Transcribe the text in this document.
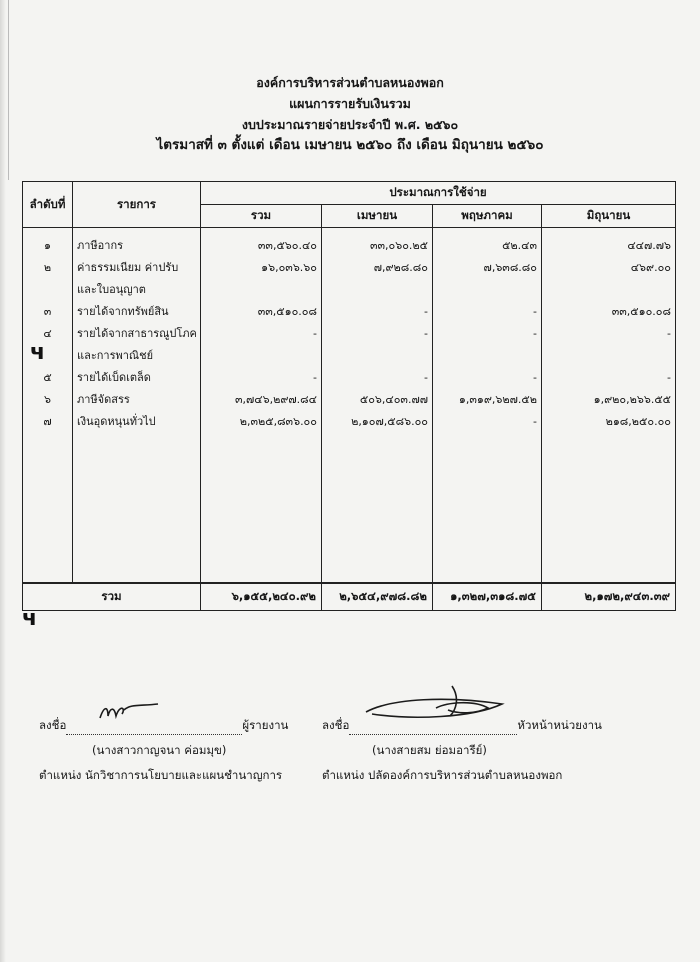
องค์การบริหารส่วนตำบลหนองพอก
แผนการรายรับเงินรวม
งบประมาณรายจ่ายประจำปี พ.ศ. ๒๕๖๐
ไตรมาสที่ ๓ ตั้งแต่ เดือน เมษายน ๒๕๖๐ ถึง เดือน มิถุนายน ๒๕๖๐
ลำดับที่	รายการ	ประมาณการใช้จ่าย			
		รวม	เมษายน	พฤษภาคม	มิถุนายน
๑	ภาษีอากร	๓๓,๕๖๐.๔๐	๓๓,๐๖๐.๒๕	๕๒.๔๓	๔๔๗.๗๖
๒	ค่าธรรมเนียม ค่าปรับ	๑๖,๐๓๖.๖๐	๗,๙๒๘.๘๐	๗,๖๓๘.๘๐	๔๖๙.๐๐
	และใบอนุญาต				
๓	รายได้จากทรัพย์สิน	๓๓,๕๑๐.๐๘	-	-	๓๓,๕๑๐.๐๘
๔	รายได้จากสาธารณูปโภค	-	-	-	-
	และการพาณิชย์				
๕	รายได้เบ็ดเตล็ด	-	-	-	-
๖	ภาษีจัดสรร	๓,๗๔๖,๒๙๗.๘๔	๕๐๖,๔๐๓.๗๗	๑,๓๑๙,๖๒๗.๕๒	๑,๙๒๐,๒๖๖.๕๕
๗	เงินอุดหนุนทั่วไป	๒,๓๒๕,๘๓๖.๐๐	๒,๑๐๗,๕๘๖.๐๐	-	๒๑๘,๒๕๐.๐๐

รวม		๖,๑๕๕,๒๔๐.๙๒	๒,๖๕๔,๙๗๘.๘๒	๑,๓๒๗,๓๑๘.๗๕	๒,๑๗๒,๙๔๓.๓๙
ч
ч
ลงชื่อ	ผู้รายงาน
(นางสาวกาญจนา ค่อมมุข)
ตำแหน่ง นักวิชาการนโยบายและแผนชำนาญการ
ลงชื่อ	หัวหน้าหน่วยงาน
(นางสายสม ย่อมอารีย์)
ตำแหน่ง ปลัดองค์การบริหารส่วนตำบลหนองพอก
